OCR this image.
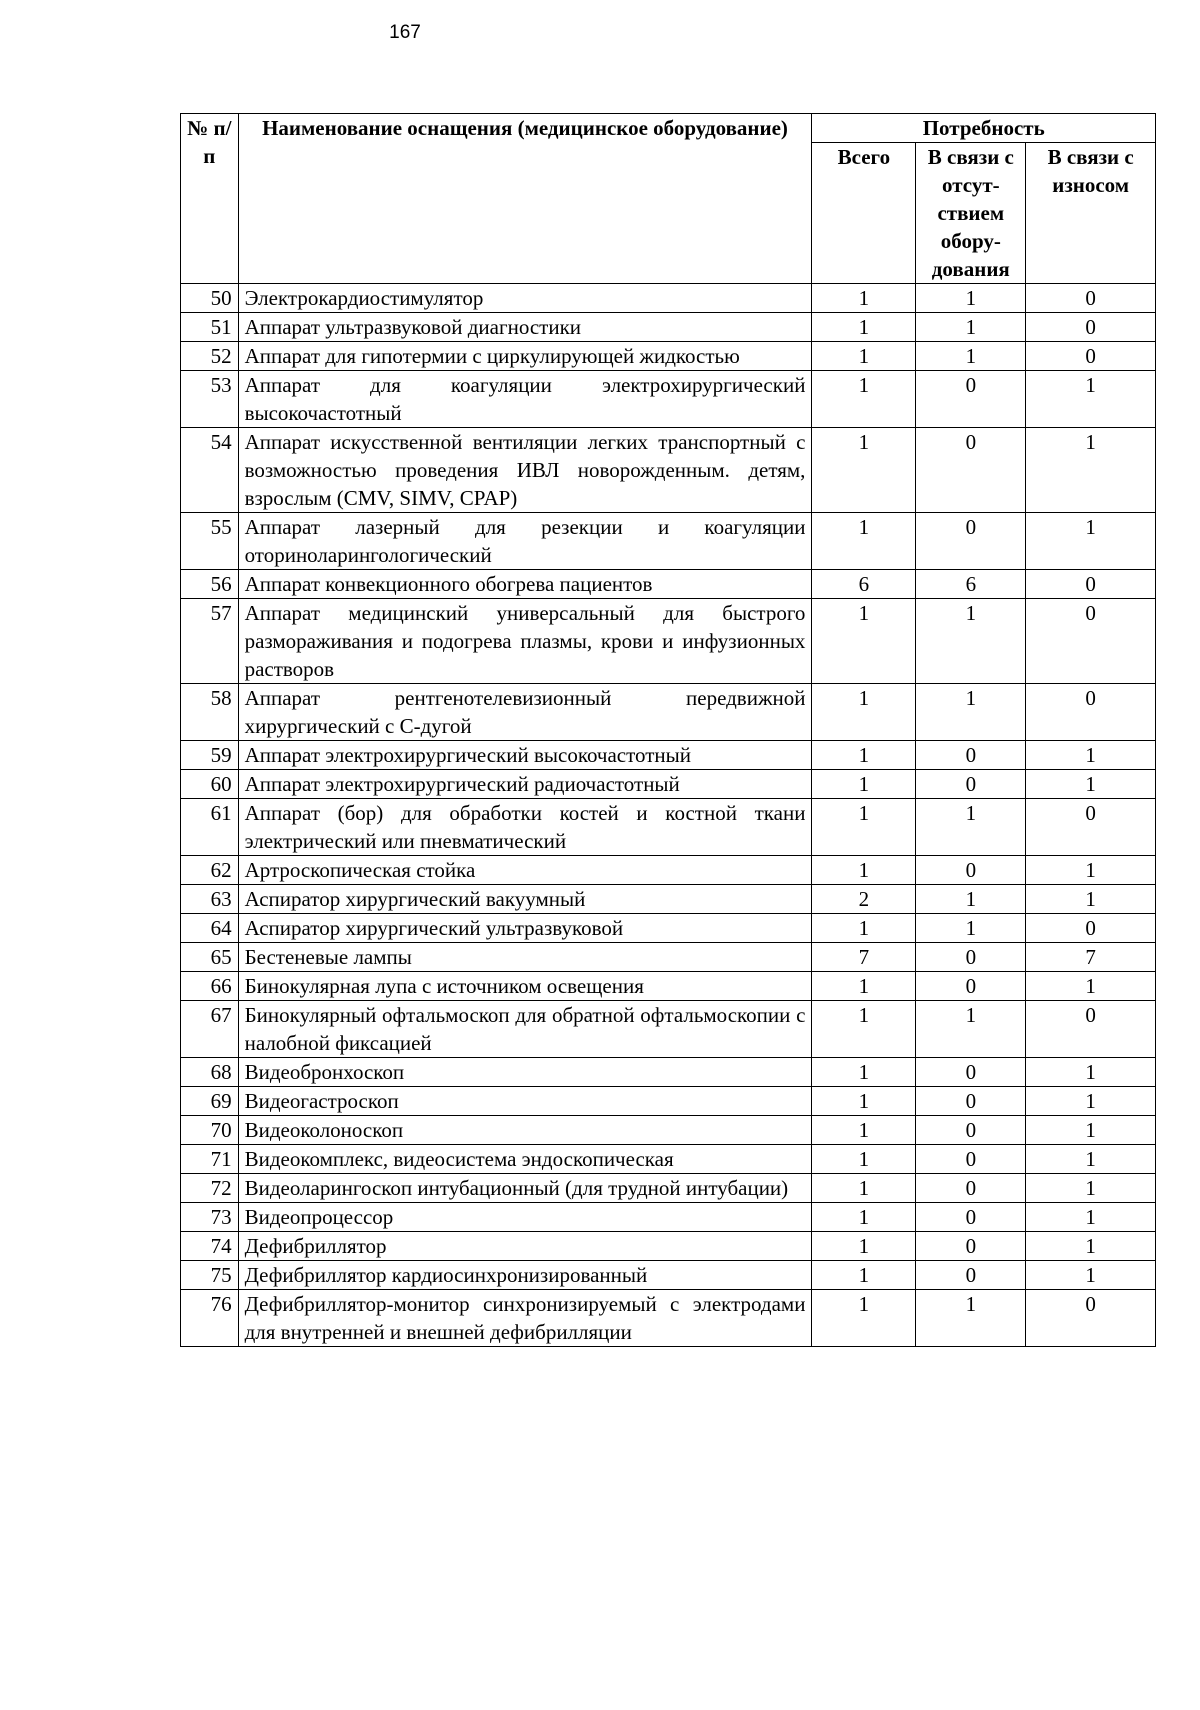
167
№ п/п	Наименование оснащения (медицинское оборудование)	Потребность		
		Всего	В связи с отсут-ствием обору-дования	В связи с износом
50	Электрокардиостимулятор	1	1	0
51	Аппарат ультразвуковой диагностики	1	1	0
52	Аппарат для гипотермии с циркулирующей жидкостью	1	1	0
53	Аппарат для коагуляции электрохирургический высокочастотный	1	0	1
54	Аппарат искусственной вентиляции легких транспортный с возможностью проведения ИВЛ новорожденным. детям, взрослым (CMV, SIMV, CPAP)	1	0	1
55	Аппарат лазерный для резекции и коагуляции оториноларингологический	1	0	1
56	Аппарат конвекционного обогрева пациентов	6	6	0
57	Аппарат медицинский универсальный для быстрого размораживания и подогрева плазмы, крови и инфузионных растворов	1	1	0
58	Аппарат рентгенотелевизионный передвижной хирургический с С-дугой	1	1	0
59	Аппарат электрохирургический высокочастотный	1	0	1
60	Аппарат электрохирургический радиочастотный	1	0	1
61	Аппарат (бор) для обработки костей и костной ткани электрический или пневматический	1	1	0
62	Артроскопическая стойка	1	0	1
63	Аспиратор хирургический вакуумный	2	1	1
64	Аспиратор хирургический ультразвуковой	1	1	0
65	Бестеневые лампы	7	0	7
66	Бинокулярная лупа с источником освещения	1	0	1
67	Бинокулярный офтальмоскоп для обратной офтальмоскопии с налобной фиксацией	1	1	0
68	Видеобронхоскоп	1	0	1
69	Видеогастроскоп	1	0	1
70	Видеоколоноскоп	1	0	1
71	Видеокомплекс, видеосистема эндоскопическая	1	0	1
72	Видеоларингоскоп интубационный (для трудной интубации)	1	0	1
73	Видеопроцессор	1	0	1
74	Дефибриллятор	1	0	1
75	Дефибриллятор кардиосинхронизированный	1	0	1
76	Дефибриллятор-монитор синхронизируемый с электродами для внутренней и внешней дефибрилляции	1	1	0
